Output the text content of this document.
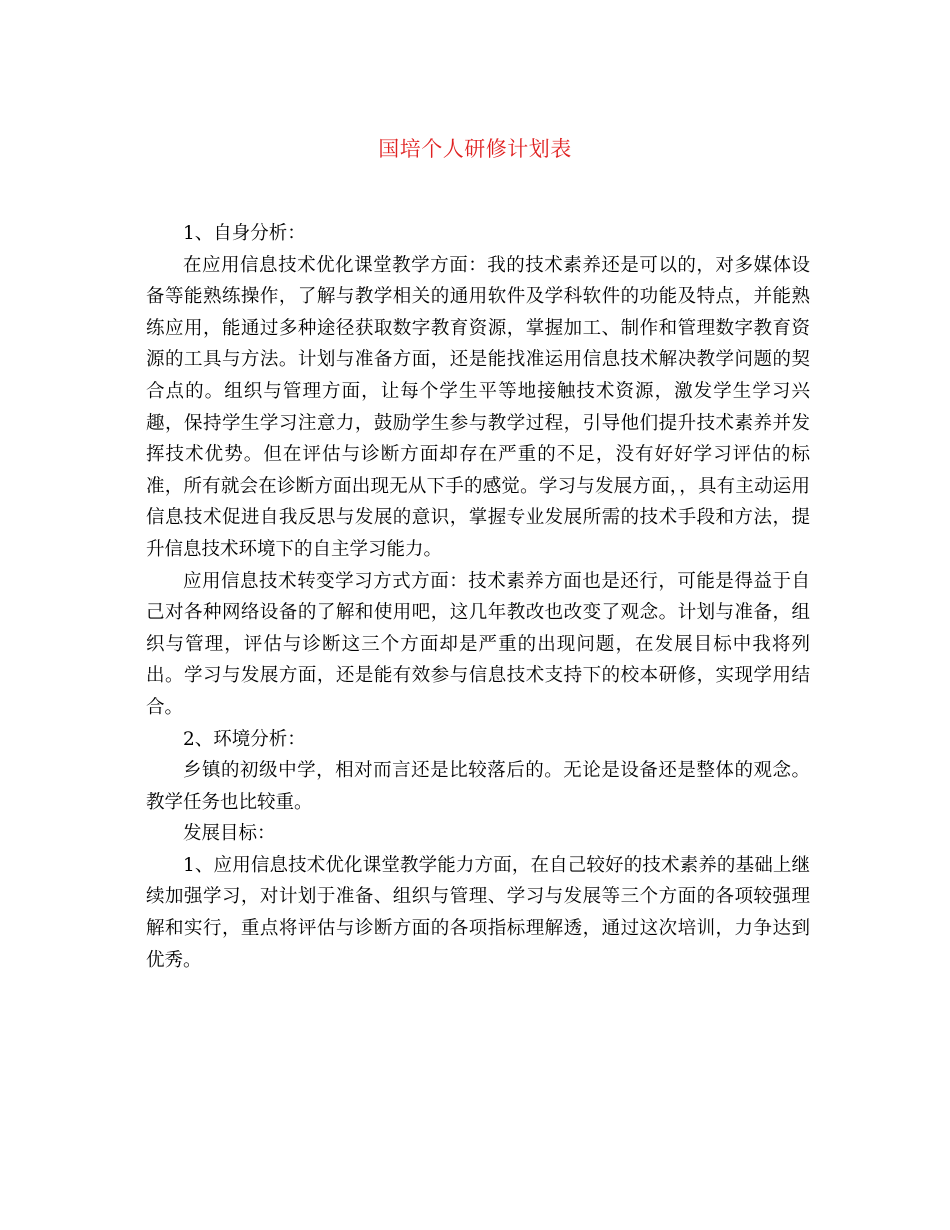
国培个人研修计划表

1、自身分析：

在应用信息技术优化课堂教学方面：我的技术素养还是可以的，对多媒体设备等能熟练操作，了解与教学相关的通用软件及学科软件的功能及特点，并能熟练应用，能通过多种途径获取数字教育资源，掌握加工、制作和管理数字教育资源的工具与方法。计划与准备方面，还是能找准运用信息技术解决教学问题的契合点的。组织与管理方面，让每个学生平等地接触技术资源，激发学生学习兴趣，保持学生学习注意力，鼓励学生参与教学过程，引导他们提升技术素养并发挥技术优势。但在评估与诊断方面却存在严重的不足，没有好好学习评估的标准，所有就会在诊断方面出现无从下手的感觉。学习与发展方面，，具有主动运用信息技术促进自我反思与发展的意识，掌握专业发展所需的技术手段和方法，提升信息技术环境下的自主学习能力。

应用信息技术转变学习方式方面：技术素养方面也是还行，可能是得益于自己对各种网络设备的了解和使用吧，这几年教改也改变了观念。计划与准备，组织与管理，评估与诊断这三个方面却是严重的出现问题，在发展目标中我将列出。学习与发展方面，还是能有效参与信息技术支持下的校本研修，实现学用结合。

2、环境分析：

乡镇的初级中学，相对而言还是比较落后的。无论是设备还是整体的观念。教学任务也比较重。

发展目标：

1、应用信息技术优化课堂教学能力方面，在自己较好的技术素养的基础上继续加强学习，对计划于准备、组织与管理、学习与发展等三个方面的各项较强理解和实行，重点将评估与诊断方面的各项指标理解透，通过这次培训，力争达到优秀。
